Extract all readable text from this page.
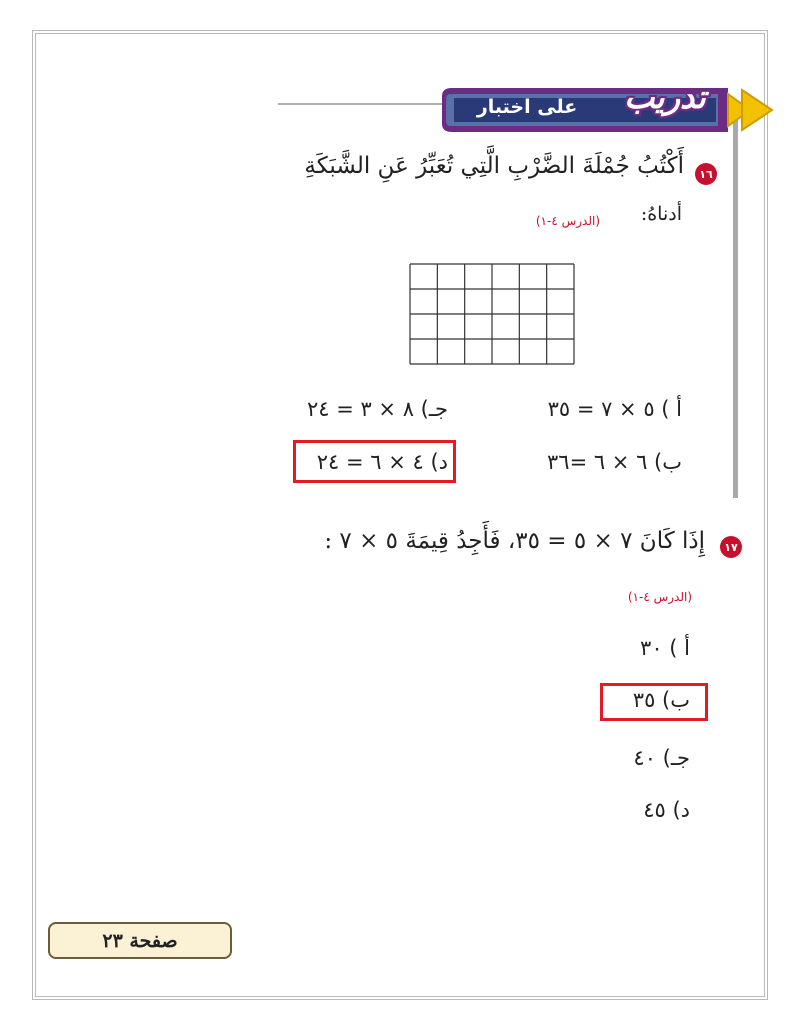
تدريب
على اختبار
١٦
أَكْتُبُ جُمْلَةَ الضَّرْبِ الَّتِي تُعَبِّرُ عَنِ الشَّبَكَةِ
أدناهُ:
(الدرس ٤-١)
أ ) ٥ × ٧ = ٣٥
جـ) ٨ × ٣ = ٢٤
ب) ٦ × ٦ =٣٦
د) ٤ × ٦ = ٢٤
١٧
إِذَا كَانَ ٧ × ٥ = ٣٥، فَأَجِدُ قِيمَةَ ٥ × ٧ :
(الدرس ٤-١)
أ ) ٣٠
ب) ٣٥
جـ) ٤٠
د) ٤٥
صفحة ٢٣
